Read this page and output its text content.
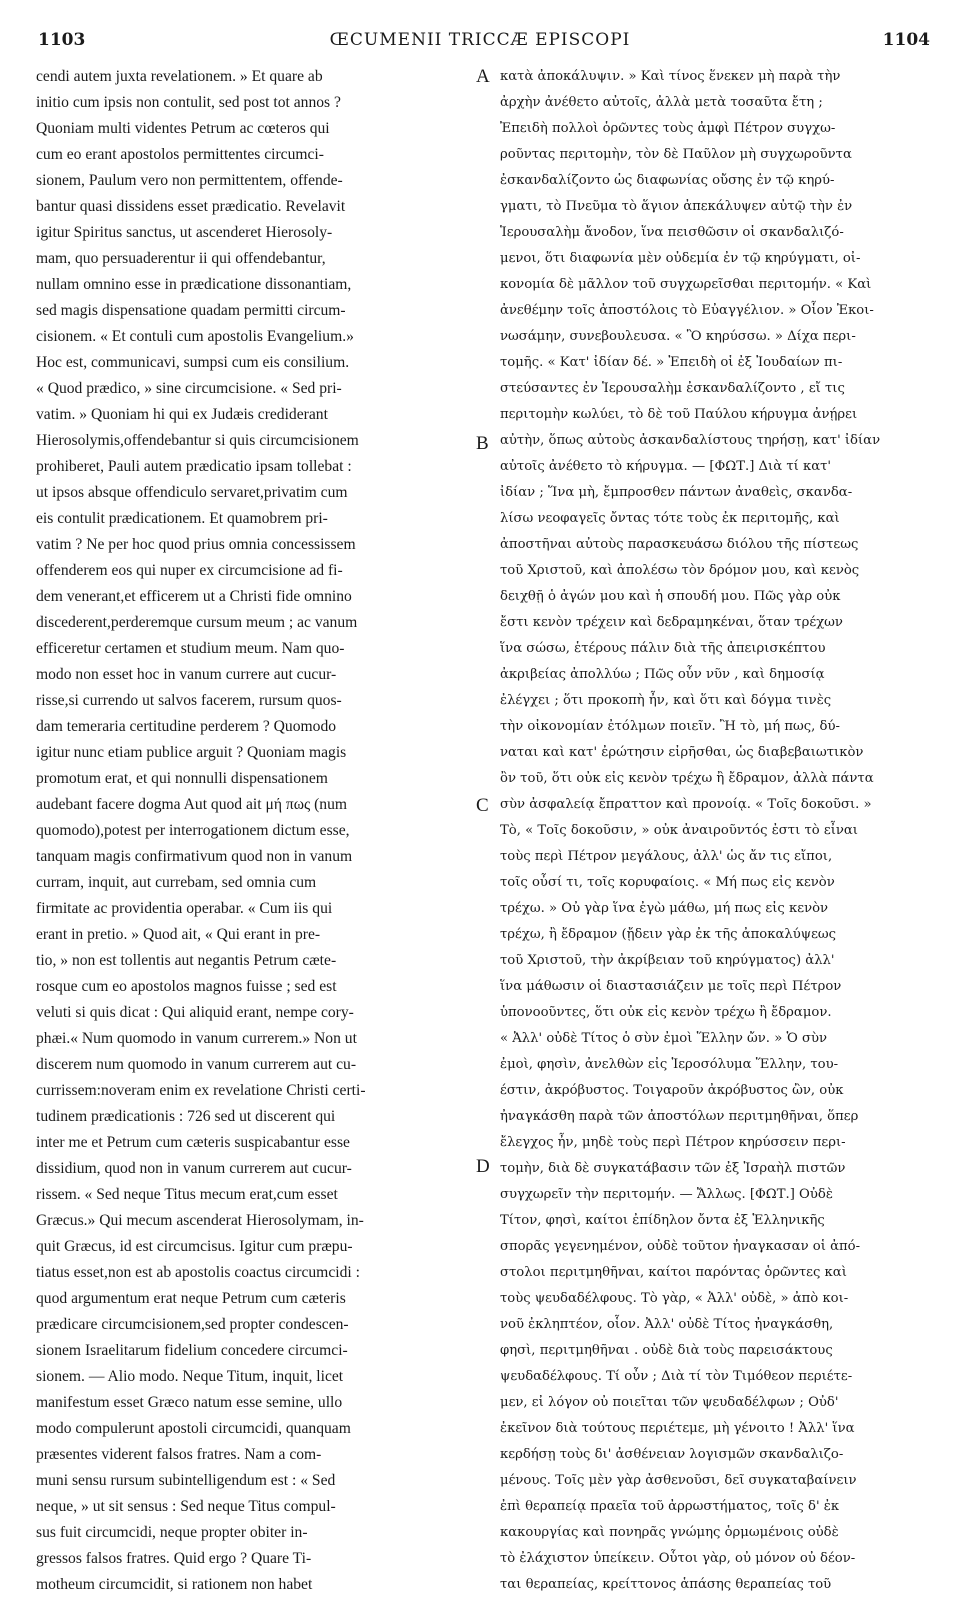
1103	ŒCUMENII TRICCÆ EPISCOPI	1104
cendi autem juxta revelationem. » Et quare ab
initio cum ipsis non contulit, sed post tot annos ?
Quoniam multi videntes Petrum ac cœteros qui
cum eo erant apostolos permittentes circumci-
sionem, Paulum vero non permittentem, offende-
bantur quasi dissidens esset prædicatio. Revelavit
igitur Spiritus sanctus, ut ascenderet Hierosoly-
mam, quo persuaderentur ii qui offendebantur,
nullam omnino esse in prædicatione dissonantiam,
sed magis dispensatione quadam permitti circum-
cisionem. « Et contuli cum apostolis Evangelium.»
Hoc est, communicavi, sumpsi cum eis consilium.
« Quod prædico, » sine circumcisione. « Sed pri-
vatim. » Quoniam hi qui ex Judæis crediderant
Hierosolymis,offendebantur si quis circumcisionem
prohiberet, Pauli autem prædicatio ipsam tollebat :
ut ipsos absque offendiculo servaret,privatim cum
eis contulit prædicationem. Et quamobrem pri-
vatim ? Ne per hoc quod prius omnia concessissem
offenderem eos qui nuper ex circumcisione ad fi-
dem venerant,et efficerem ut a Christi fide omnino
discederent,perderemque cursum meum ; ac vanum
efficeretur certamen et studium meum. Nam quo-
modo non esset hoc in vanum currere aut cucur-
risse,si currendo ut salvos facerem, rursum quos-
dam temeraria certitudine perderem ? Quomodo
igitur nunc etiam publice arguit ? Quoniam magis
promotum erat, et qui nonnulli dispensationem
audebant facere dogma Aut quod ait μή πως (num
quomodo),potest per interrogationem dictum esse,
tanquam magis confirmativum quod non in vanum
curram, inquit, aut currebam, sed omnia cum
firmitate ac providentia operabar. « Cum iis qui
erant in pretio. » Quod ait, « Qui erant in pre-
tio, » non est tollentis aut negantis Petrum cæte-
rosque cum eo apostolos magnos fuisse ; sed est
veluti si quis dicat : Qui aliquid erant, nempe cory-
phæi.« Num quomodo in vanum currerem.» Non ut
discerem num quomodo in vanum currerem aut cu-
currissem:noveram enim ex revelatione Christi certi-
tudinem prædicationis : 726 sed ut discerent qui
inter me et Petrum cum cæteris suspicabantur esse
dissidium, quod non in vanum currerem aut cucur-
rissem. « Sed neque Titus mecum erat,cum esset
Græcus.» Qui mecum ascenderat Hierosolymam, in-
quit Græcus, id est circumcisus. Igitur cum præpu-
tiatus esset,non est ab apostolis coactus circumcidi :
quod argumentum erat neque Petrum cum cæteris
prædicare circumcisionem,sed propter condescen-
sionem Israelitarum fidelium concedere circumci-
sionem. — Alio modo. Neque Titum, inquit, licet
manifestum esset Græco natum esse semine, ullo
modo compulerunt apostoli circumcidi, quanquam
præsentes viderent falsos fratres. Nam a com-
muni sensu rursum subintelligendum est : « Sed
neque, » ut sit sensus : Sed neque Titus compul-
sus fuit circumcidi, neque propter obiter in-
gressos falsos fratres. Quid ergo ? Quare Ti-
motheum circumcidit, si rationem non habet
κατὰ ἀποκάλυψιν. » Καὶ τίνος ἕνεκεν μὴ παρὰ τὴν
ἀρχὴν ἀνέθετο αὐτοῖς, ἀλλὰ μετὰ τοσαῦτα ἔτη ;
Ἐπειδὴ πολλοὶ ὁρῶντες τοὺς ἀμφὶ Πέτρον συγχω-
ροῦντας περιτομὴν, τὸν δὲ Παῦλον μὴ συγχωροῦντα
ἐσκανδαλίζοντο ὡς διαφωνίας οὔσης ἐν τῷ κηρύ-
γματι, τὸ Πνεῦμα τὸ ἅγιον ἀπεκάλυψεν αὐτῷ τὴν ἐν
Ἱερουσαλὴμ ἄνοδον, ἵνα πεισθῶσιν οἱ σκανδαλιζό-
μενοι, ὅτι διαφωνία μὲν οὐδεμία ἐν τῷ κηρύγματι, οἰ-
κονομία δὲ μᾶλλον τοῦ συγχωρεῖσθαι περιτομήν. « Καὶ
ἀνεθέμην τοῖς ἀποστόλοις τὸ Εὐαγγέλιον. » Οἷον Ἐκοι-
νωσάμην, συνεβουλευσα. « Ὃ κηρύσσω. » Δίχα περι-
τομῆς. « Κατ' ἰδίαν δέ. » Ἐπειδὴ οἱ ἐξ Ἰουδαίων πι-
στεύσαντες ἐν Ἱερουσαλὴμ ἐσκανδαλίζοντο , εἴ τις
περιτομὴν κωλύει, τὸ δὲ τοῦ Παύλου κήρυγμα ἀνῄρει
αὐτὴν, ὅπως αὐτοὺς ἀσκανδαλίστους τηρήσῃ, κατ' ἰδίαν
αὐτοῖς ἀνέθετο τὸ κήρυγμα. — [ΦΩΤ.] Διὰ τί κατ'
ἰδίαν ; Ἵνα μὴ, ἔμπροσθεν πάντων ἀναθεὶς, σκανδα-
λίσω νεοφαγεῖς ὄντας τότε τοὺς ἐκ περιτομῆς, καὶ
ἀποστῆναι αὐτοὺς παρασκευάσω διόλου τῆς πίστεως
τοῦ Χριστοῦ, καὶ ἀπολέσω τὸν δρόμον μου, καὶ κενὸς
δειχθῇ ὁ ἀγών μου καὶ ἡ σπουδή μου. Πῶς γὰρ οὐκ
ἔστι κενὸν τρέχειν καὶ δεδραμηκέναι, ὅταν τρέχων
ἵνα σώσω, ἑτέρους πάλιν διὰ τῆς ἀπειρισκέπτου
ἀκριβείας ἀπολλύω ; Πῶς οὖν νῦν , καὶ δημοσίᾳ
ἐλέγχει ; ὅτι προκοπὴ ἦν, καὶ ὅτι καὶ δόγμα τινὲς
τὴν οἰκονομίαν ἐτόλμων ποιεῖν. Ἢ τὸ, μή πως, δύ-
ναται καὶ κατ' ἐρώτησιν εἰρῆσθαι, ὡς διαβεβαιωτικὸν
ὂν τοῦ, ὅτι οὐκ εἰς κενὸν τρέχω ἢ ἔδραμον, ἀλλὰ πάντα
σὺν ἀσφαλείᾳ ἔπραττον καὶ προνοίᾳ. « Τοῖς δοκοῦσι. »
Τὸ, « Τοῖς δοκοῦσιν, » οὐκ ἀναιροῦντός ἐστι τὸ εἶναι
τοὺς περὶ Πέτρον μεγάλους, ἀλλ' ὡς ἄν τις εἴποι,
τοῖς οὖσί τι, τοῖς κορυφαίοις. « Μή πως εἰς κενὸν
τρέχω. » Οὐ γὰρ ἵνα ἐγὼ μάθω, μή πως εἰς κενὸν
τρέχω, ἢ ἔδραμον (ᾔδειν γὰρ ἐκ τῆς ἀποκαλύψεως
τοῦ Χριστοῦ, τὴν ἀκρίβειαν τοῦ κηρύγματος) ἀλλ'
ἵνα μάθωσιν οἱ διαστασιάζειν με τοῖς περὶ Πέτρον
ὑπονοοῦντες, ὅτι οὐκ εἰς κενὸν τρέχω ἢ ἔδραμον.
« Ἀλλ' οὐδὲ Τίτος ὁ σὺν ἐμοὶ Ἕλλην ὤν. » Ὁ σὺν
ἐμοὶ, φησὶν, ἀνελθὼν εἰς Ἱεροσόλυμα Ἕλλην, του-
έστιν, ἀκρόβυστος. Τοιγαροῦν ἀκρόβυστος ὢν, οὐκ
ἠναγκάσθη παρὰ τῶν ἀποστόλων περιτμηθῆναι, ὅπερ
ἔλεγχος ἦν, μηδὲ τοὺς περὶ Πέτρον κηρύσσειν περι-
τομὴν, διὰ δὲ συγκατάβασιν τῶν ἐξ Ἰσραὴλ πιστῶν
συγχωρεῖν τὴν περιτομήν. — Ἄλλως. [ΦΩΤ.] Οὐδὲ
Τίτον, φησὶ, καίτοι ἐπίδηλον ὄντα ἐξ Ἑλληνικῆς
σπορᾶς γεγενημένον, οὐδὲ τοῦτον ἠναγκασαν οἱ ἀπό-
στολοι περιτμηθῆναι, καίτοι παρόντας ὁρῶντες καὶ
τοὺς ψευδαδέλφους. Τὸ γὰρ, « Ἀλλ' οὐδὲ, » ἀπὸ κοι-
νοῦ ἐκληπτέον, οἷον. Ἀλλ' οὐδὲ Τίτος ἠναγκάσθη,
φησὶ, περιτμηθῆναι . οὐδὲ διὰ τοὺς παρεισάκτους
ψευδαδέλφους. Τί οὖν ; Διὰ τί τὸν Τιμόθεον περιέτε-
μεν, εἰ λόγον οὐ ποιεῖται τῶν ψευδαδέλφων ; Οὐδ'
ἐκεῖνον διὰ τούτους περιέτεμε, μὴ γένοιτο ! Ἀλλ' ἵνα
κερδήσῃ τοὺς δι' ἀσθένειαν λογισμῶν σκανδαλιζο-
μένους. Τοῖς μὲν γὰρ ἀσθενοῦσι, δεῖ συγκαταβαίνειν
ἐπὶ θεραπείᾳ πραεῖα τοῦ ἀρρωστήματος, τοῖς δ' ἐκ
κακουργίας καὶ πονηρᾶς γνώμης ὁρμωμένοις οὐδὲ
τὸ ἐλάχιστον ὑπείκειν. Οὗτοι γὰρ, οὐ μόνον οὐ δέον-
ται θεραπείας, κρείττονος ἁπάσης θεραπείας τοῦ
A
B
C
D
